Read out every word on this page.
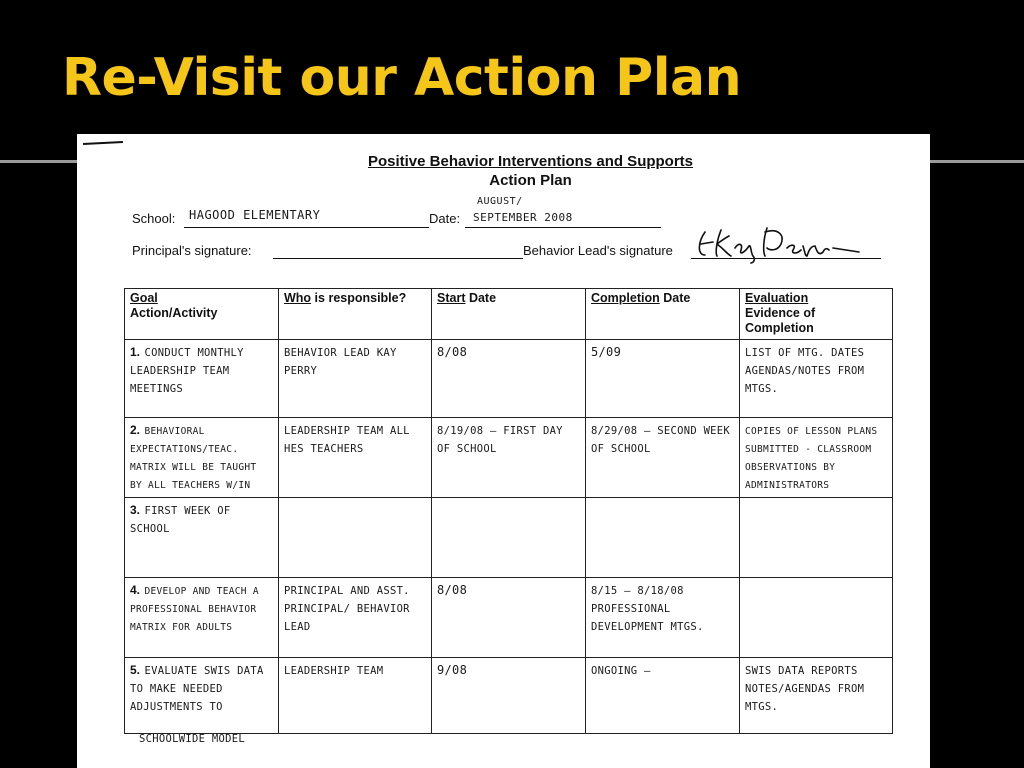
Re-Visit our Action Plan
Positive Behavior Interventions and Supports
Action Plan
School: HAGOOD ELEMENTARY	Date:
AUGUST/
SEPTEMBER 2008
Principal's signature:	Behavior Lead's signature
Goal
Action/Activity	Who is responsible?	Start Date	Completion Date	Evaluation
Evidence of Completion
1. CONDUCT MONTHLY LEADERSHIP TEAM MEETINGS	BEHAVIOR LEAD KAY PERRY	8/08	5/09	LIST OF MTG. DATES AGENDAS/NOTES FROM MTGS.
2. BEHAVIORAL EXPECTATIONS/TEAC. MATRIX WILL BE TAUGHT BY ALL TEACHERS W/IN	LEADERSHIP TEAM ALL HES TEACHERS	8/19/08 – FIRST DAY OF SCHOOL	8/29/08 – SECOND WEEK OF SCHOOL	COPIES OF LESSON PLANS SUBMITTED - CLASSROOM OBSERVATIONS BY ADMINISTRATORS
3. FIRST WEEK OF SCHOOL				
4. DEVELOP AND TEACH A PROFESSIONAL BEHAVIOR MATRIX FOR ADULTS	PRINCIPAL AND ASST. PRINCIPAL/ BEHAVIOR LEAD	8/08	8/15 – 8/18/08 PROFESSIONAL DEVELOPMENT MTGS.	
5. EVALUATE SWIS DATA TO MAKE NEEDED ADJUSTMENTS TO	LEADERSHIP TEAM	9/08	ONGOING –	SWIS DATA REPORTS NOTES/AGENDAS FROM MTGS.
SCHOOLWIDE MODEL
